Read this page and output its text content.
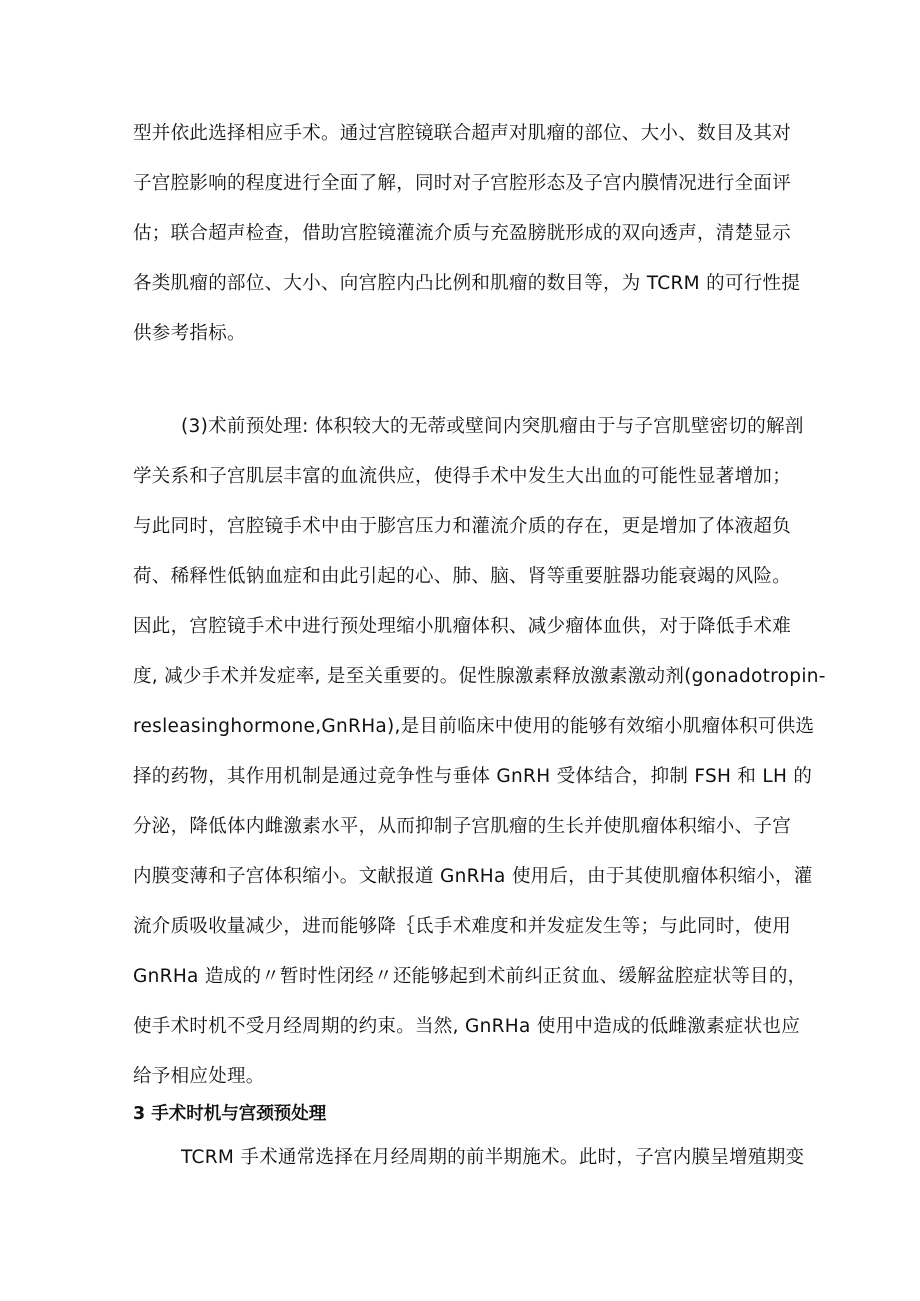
型并依此选择相应手术。通过宫腔镜联合超声对肌瘤的部位、大小、数目及其对
子宫腔影响的程度进行全面了解，同时对子宫腔形态及子宫内膜情况进行全面评
估；联合超声检查，借助宫腔镜灌流介质与充盈膀胱形成的双向透声，清楚显示
各类肌瘤的部位、大小、向宫腔内凸比例和肌瘤的数目等，为 TCRM 的可行性提
供参考指标。
(3)术前预处理: 体积较大的无蒂或壁间内突肌瘤由于与子宫肌壁密切的解剖
学关系和子宫肌层丰富的血流供应，使得手术中发生大出血的可能性显著增加；
与此同时，宫腔镜手术中由于膨宫压力和灌流介质的存在，更是增加了体液超负
荷、稀释性低钠血症和由此引起的心、肺、脑、肾等重要脏器功能衰竭的风险。
因此，宫腔镜手术中进行预处理缩小肌瘤体积、减少瘤体血供，对于降低手术难
度, 减少手术并发症率, 是至关重要的。促性腺激素释放激素激动剂(gonadotropin-
resleasinghormone,GnRHa),是目前临床中使用的能够有效缩小肌瘤体积可供选
择的药物，其作用机制是通过竞争性与垂体 GnRH 受体结合，抑制 FSH 和 LH 的
分泌，降低体内雌激素水平，从而抑制子宫肌瘤的生长并使肌瘤体积缩小、子宫
内膜变薄和子宫体积缩小。文献报道 GnRHa 使用后，由于其使肌瘤体积缩小，灌
流介质吸收量减少，进而能够降｛氐手术难度和并发症发生等；与此同时，使用
GnRHa 造成的〃暂时性闭经〃还能够起到术前纠正贫血、缓解盆腔症状等目的，
使手术时机不受月经周期的约束。当然, GnRHa 使用中造成的低雌激素症状也应
给予相应处理。
3 手术时机与宫颈预处理
TCRM 手术通常选择在月经周期的前半期施术。此时，子宫内膜呈增殖期变
